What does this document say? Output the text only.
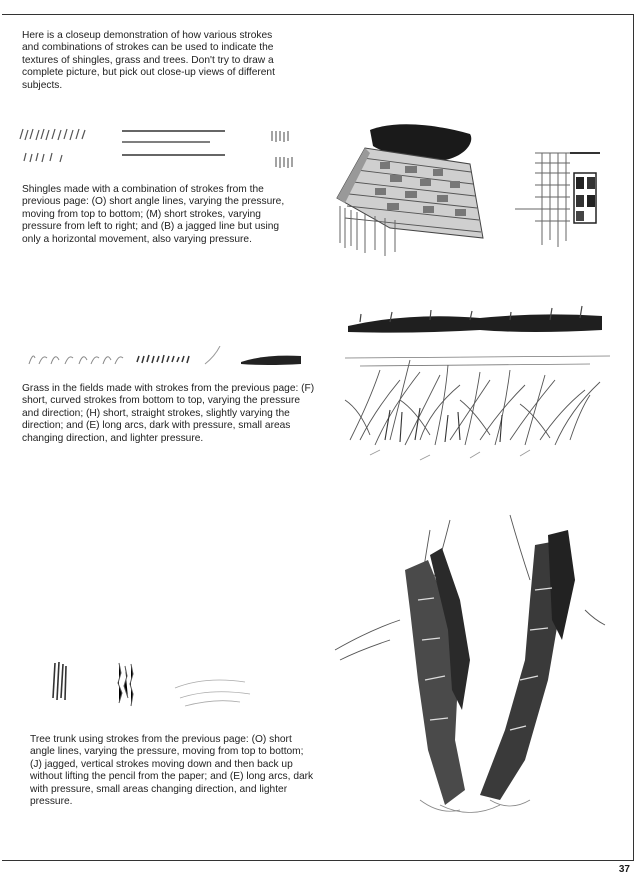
Here is a closeup demonstration of how various strokes and combinations of strokes can be used to indicate the textures of shingles, grass and trees. Don't try to draw a complete picture, but pick out close-up views of different subjects.

Shingles made with a combination of strokes from the previous page: (O) short angle lines, varying the pressure, moving from top to bottom; (M) short strokes, varying pressure from left to right; and (B) a jagged line but using only a horizontal movement, also varying pressure.

Grass in the fields made with strokes from the previous page: (F) short, curved strokes from bottom to top, varying the pressure and direction; (H) short, straight strokes, slightly varying the direction; and (E) long arcs, dark with pressure, small areas changing direction, and lighter pressure.

Tree trunk using strokes from the previous page: (O) short angle lines, varying the pressure, moving from top to bottom; (J) jagged, vertical strokes moving down and then back up without lifting the pencil from the paper; and (E) long arcs, dark with pressure, small areas changing direction, and lighter pressure.

37
